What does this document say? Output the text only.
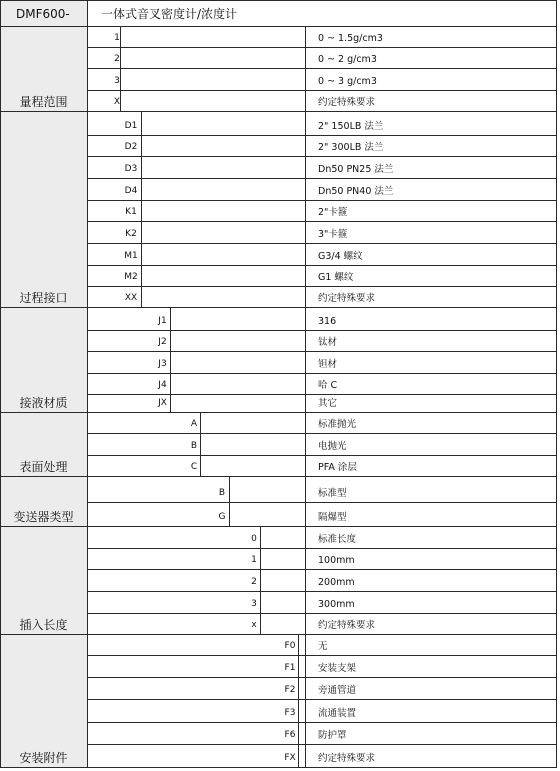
DMF600-	一体式音叉密度计/浓度计
量程范围
1	0 ~ 1.5g/cm3
2	0 ~ 2 g/cm3
3	0 ~ 3 g/cm3
X	约定特殊要求
过程接口
D1	2" 150LB 法兰
D2	2" 300LB 法兰
D3	Dn50 PN25 法兰
D4	Dn50 PN40 法兰
K1	2"卡箍
K2	3"卡箍
M1	G3/4 螺纹
M2	G1 螺纹
XX	约定特殊要求
接液材质
J1	316
J2	钛材
J3	钽材
J4	哈 C
JX	其它
表面处理
A	标准抛光
B	电抛光
C	PFA 涂层
变送器类型
B	标准型
G	隔爆型
插入长度
0	标准长度
1	100mm
2	200mm
3	300mm
x	约定特殊要求
安装附件
F0 无
F1 安装支架
F2 旁通管道
F3 流通装置
F6 防护罩
FX 约定特殊要求
